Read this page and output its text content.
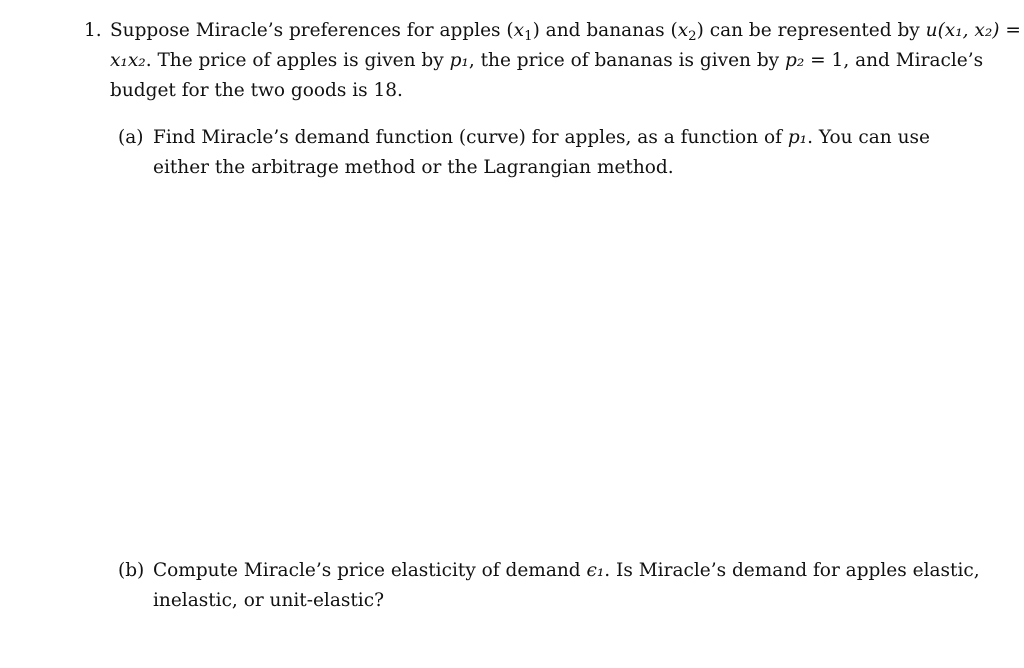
1. Suppose Miracle’s preferences for apples $(x_1)$ and bananas $(x_2)$ can be represented by u(x₁, x₂) =
x₁x₂. The price of apples is given by p₁, the price of bananas is given by p₂ = 1, and Miracle’s
budget for the two goods is 18.
(a) Find Miracle’s demand function (curve) for apples, as a function of p₁. You can use
either the arbitrage method or the Lagrangian method.
(b) Compute Miracle’s price elasticity of demand ϵ₁. Is Miracle’s demand for apples elastic,
inelastic, or unit-elastic?
